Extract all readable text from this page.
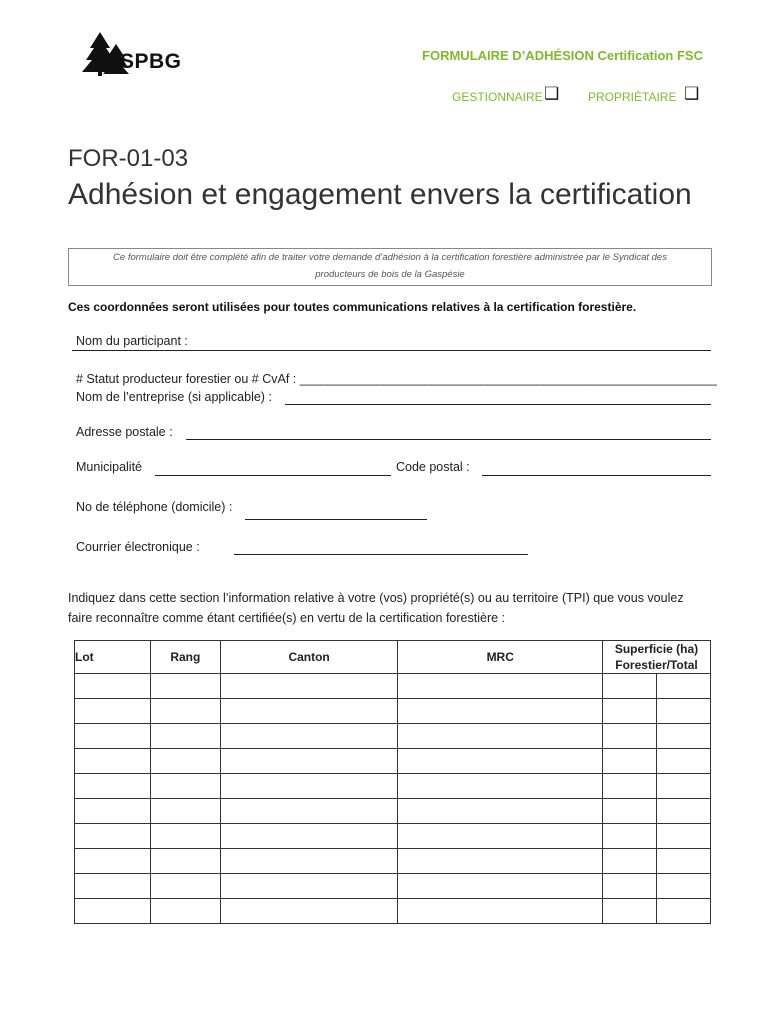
SPBG	FORMULAIRE D’ADHÉSION Certification FSC
GESTIONNAIRE ❑ PROPRIÉTAIRE ❑
FOR-01-03
Adhésion et engagement envers la certification
Ce formulaire doit être complété afin de traiter votre demande d’adhésion à la certification forestière administrée par le Syndicat des
producteurs de bois de la Gaspésie
Ces coordonnées seront utilisées pour toutes communications relatives à la certification forestière.
Nom du participant :
# Statut producteur forestier ou # CvAf : ____________________________________________________________
Nom de l’entreprise (si applicable) :
Adresse postale :
Municipalité	Code postal :
No de téléphone (domicile) :
Courrier électronique :
Indiquez dans cette section l’information relative à votre (vos) propriété(s) ou au territoire (TPI) que vous voulez
faire reconnaître comme étant certifiée(s) en vertu de la certification forestière :
Lot	Rang	Canton	MRC	Superficie (ha)
Forestier/Total	
